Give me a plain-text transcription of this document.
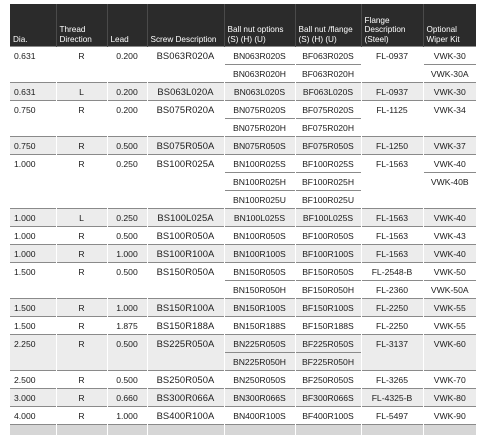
Dia.	Thread Direction	Lead	Screw Description	Ball nut options (S) (H) (U)	Ball nut /flange (S) (H) (U)	Flange Description (Steel)	Optional Wiper Kit
0.631	R	0.200	BS063R020A	BN063R020S	BF063R020S	FL-0937	VWK-30
				BN063R020H	BF063R020H		VWK-30A
0.631	L	0.200	BS063L020A	BN063L020S	BF063L020S	FL-0937	VWK-30
0.750	R	0.200	BS075R020A	BN075R020S	BF075R020S	FL-1125	VWK-34
				BN075R020H	BF075R020H		
0.750	R	0.500	BS075R050A	BN075R050S	BF075R050S	FL-1250	VWK-37
1.000	R	0.250	BS100R025A	BN100R025S	BF100R025S	FL-1563	VWK-40
				BN100R025H	BF100R025H		VWK-40B
				BN100R025U	BF100R025U		
1.000	L	0.250	BS100L025A	BN100L025S	BF100L025S	FL-1563	VWK-40
1.000	R	0.500	BS100R050A	BN100R050S	BF100R050S	FL-1563	VWK-43
1.000	R	1.000	BS100R100A	BN100R100S	BF100R100S	FL-1563	VWK-40
1.500	R	0.500	BS150R050A	BN150R050S	BF150R050S	FL-2548-B	VWK-50
				BN150R050H	BF150R050H	FL-2360	VWK-50A
1.500	R	1.000	BS150R100A	BN150R100S	BF150R100S	FL-2250	VWK-55
1.500	R	1.875	BS150R188A	BN150R188S	BF150R188S	FL-2250	VWK-55
2.250	R	0.500	BS225R050A	BN225R050S	BF225R050S	FL-3137	VWK-60
				BN225R050H	BF225R050H		
2.500	R	0.500	BS250R050A	BN250R050S	BF250R050S	FL-3265	VWK-70
3.000	R	0.660	BS300R066A	BN300R066S	BF300R066S	FL-4325-B	VWK-80
4.000	R	1.000	BS400R100A	BN400R100S	BF400R100S	FL-5497	VWK-90
